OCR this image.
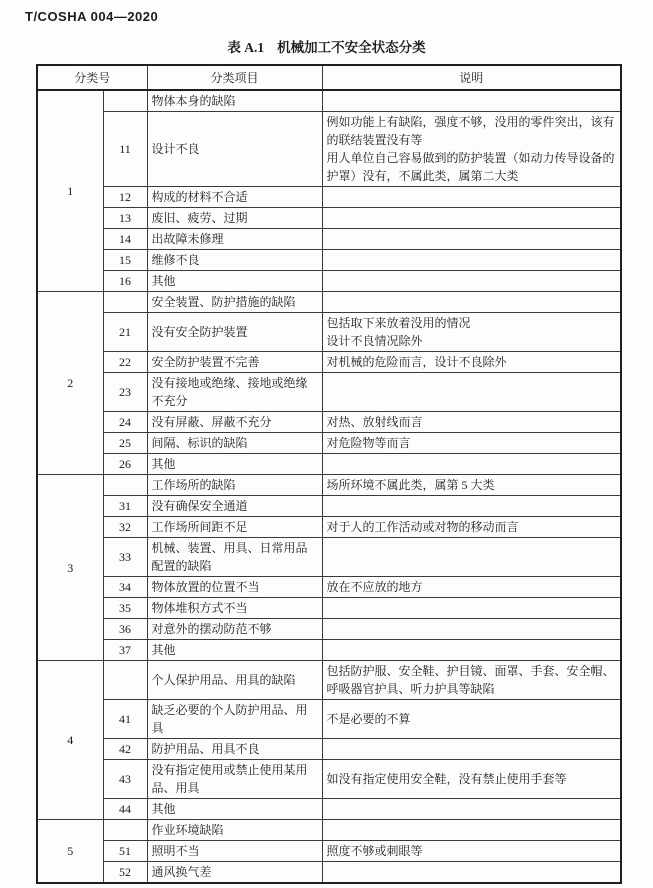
T/COSHA 004—2020
表 A.1 机械加工不安全状态分类
分类号		分类项目	说明
1		物体本身的缺陷	
	11	设计不良	例如功能上有缺陷，强度不够，没用的零件突出，该有的联结装置没有等
用人单位自己容易做到的防护装置（如动力传导设备的护罩）没有，不属此类，属第二大类

	12	构成的材料不合适	
	13	废旧、疲劳、过期	
	14	出故障未修理	
	15	维修不良	
	16	其他	
2		安全装置、防护措施的缺陷	
	21	没有安全防护装置	包括取下来放着没用的情况
设计不良情况除外

	22	安全防护装置不完善	对机械的危险而言，设计不良除外

	23	没有接地或绝缘、接地或绝缘不充分	
	24	没有屏蔽、屏蔽不充分	对热、放射线而言

	25	间隔、标识的缺陷	对危险物等而言

	26	其他	
3		工作场所的缺陷	场所环境不属此类，属第 5 大类

	31	没有确保安全通道	
	32	工作场所间距不足	对于人的工作活动或对物的移动而言

	33	机械、装置、用具、日常用品配置的缺陷	
	34	物体放置的位置不当	放在不应放的地方

	35	物体堆积方式不当	
	36	对意外的摆动防范不够	
	37	其他	
4		个人保护用品、用具的缺陷	包括防护服、安全鞋、护目镜、面罩、手套、安全帽、呼吸器官护具、听力护具等缺陷

	41	缺乏必要的个人防护用品、用具	不是必要的不算

	42	防护用品、用具不良	
	43	没有指定使用或禁止使用某用品、用具	如没有指定使用安全鞋，没有禁止使用手套等

	44	其他	
5		作业环境缺陷	
	51	照明不当	照度不够或刺眼等

	52	通风换气差	
